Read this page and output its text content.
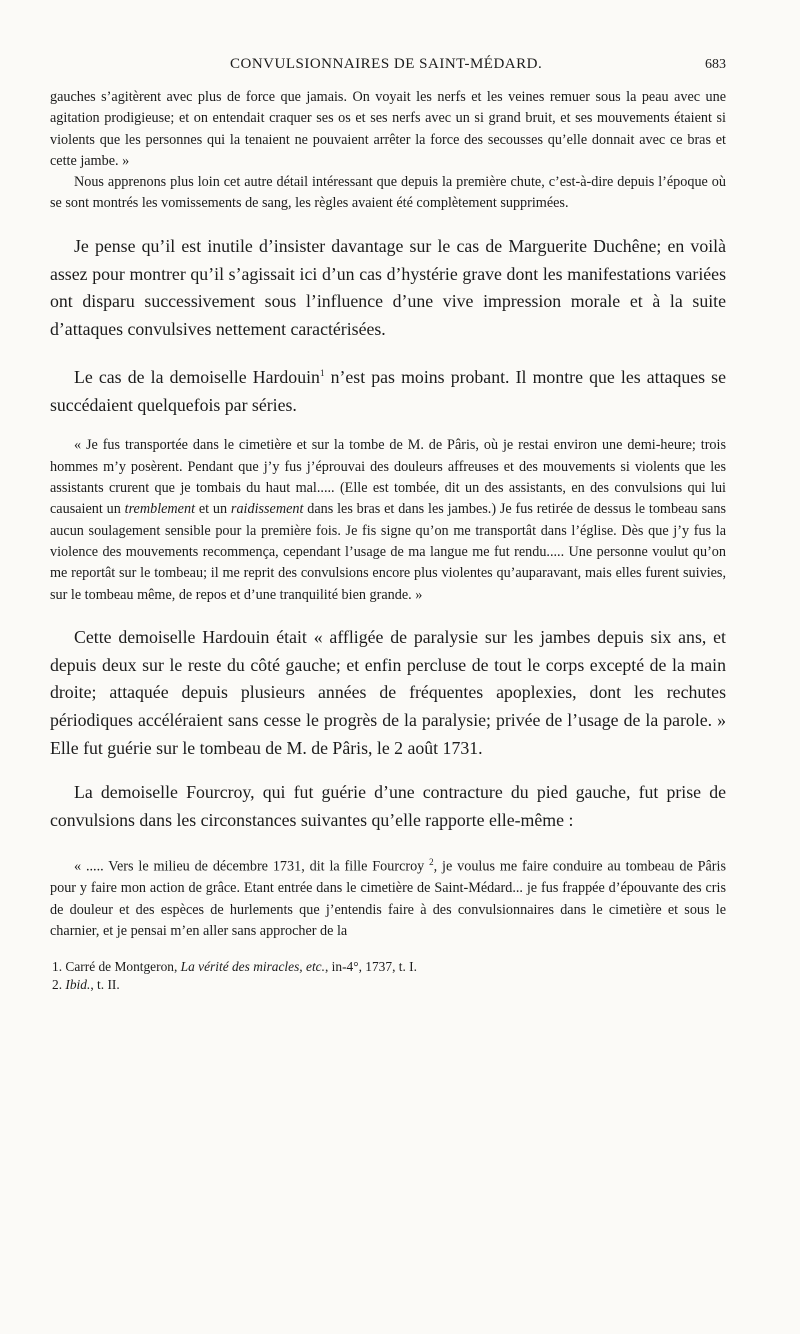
CONVULSIONNAIRES DE SAINT-MÉDARD.	683

gauches s’agitèrent avec plus de force que jamais. On voyait les nerfs et les veines remuer sous la peau avec une agitation prodigieuse; et on entendait craquer ses os et ses nerfs avec un si grand bruit, et ses mouvements étaient si violents que les personnes qui la tenaient ne pouvaient arrêter la force des secousses qu’elle donnait avec ce bras et cette jambe. »

Nous apprenons plus loin cet autre détail intéressant que depuis la première chute, c’est-à-dire depuis l’époque où se sont montrés les vomissements de sang, les règles avaient été complètement supprimées.

Je pense qu’il est inutile d’insister davantage sur le cas de Marguerite Duchêne; en voilà assez pour montrer qu’il s’agissait ici d’un cas d’hystérie grave dont les manifestations variées ont disparu successivement sous l’influence d’une vive impression morale et à la suite d’attaques convulsives nettement caractérisées.

Le cas de la demoiselle Hardouin$^1$ n’est pas moins probant. Il montre que les attaques se succédaient quelquefois par séries.

« Je fus transportée dans le cimetière et sur la tombe de M. de Pâris, où je restai environ une demi-heure; trois hommes m’y posèrent. Pendant que j’y fus j’éprouvai des douleurs affreuses et des mouvements si violents que les assistants crurent que je tombais du haut mal..... (Elle est tombée, dit un des assistants, en des convulsions qui lui causaient un tremblement et un raidissement dans les bras et dans les jambes.) Je fus retirée de dessus le tombeau sans aucun soulagement sensible pour la première fois. Je fis signe qu’on me transportât dans l’église. Dès que j’y fus la violence des mouvements recommença, cependant l’usage de ma langue me fut rendu..... Une personne voulut qu’on me reportât sur le tombeau; il me reprit des convulsions encore plus violentes qu’auparavant, mais elles furent suivies, sur le tombeau même, de repos et d’une tranquilité bien grande. »

Cette demoiselle Hardouin était « affligée de paralysie sur les jambes depuis six ans, et depuis deux sur le reste du côté gauche; et enfin percluse de tout le corps excepté de la main droite; attaquée depuis plusieurs années de fréquentes apoplexies, dont les rechutes périodiques accéléraient sans cesse le progrès de la paralysie; privée de l’usage de la parole. » Elle fut guérie sur le tombeau de M. de Pâris, le 2 août 1731.

La demoiselle Fourcroy, qui fut guérie d’une contracture du pied gauche, fut prise de convulsions dans les circonstances suivantes qu’elle rapporte elle-même :

« ..... Vers le milieu de décembre 1731, dit la fille Fourcroy $^2$, je voulus me faire conduire au tombeau de Pâris pour y faire mon action de grâce. Etant entrée dans le cimetière de Saint-Médard... je fus frappée d’épouvante des cris de douleur et des espèces de hurlements que j’entendis faire à des convulsionnaires dans le cimetière et sous le charnier, et je pensai m’en aller sans approcher de la

1. Carré de Montgeron, La vérité des miracles, etc., in-4°, 1737, t. I.
2. Ibid., t. II.
